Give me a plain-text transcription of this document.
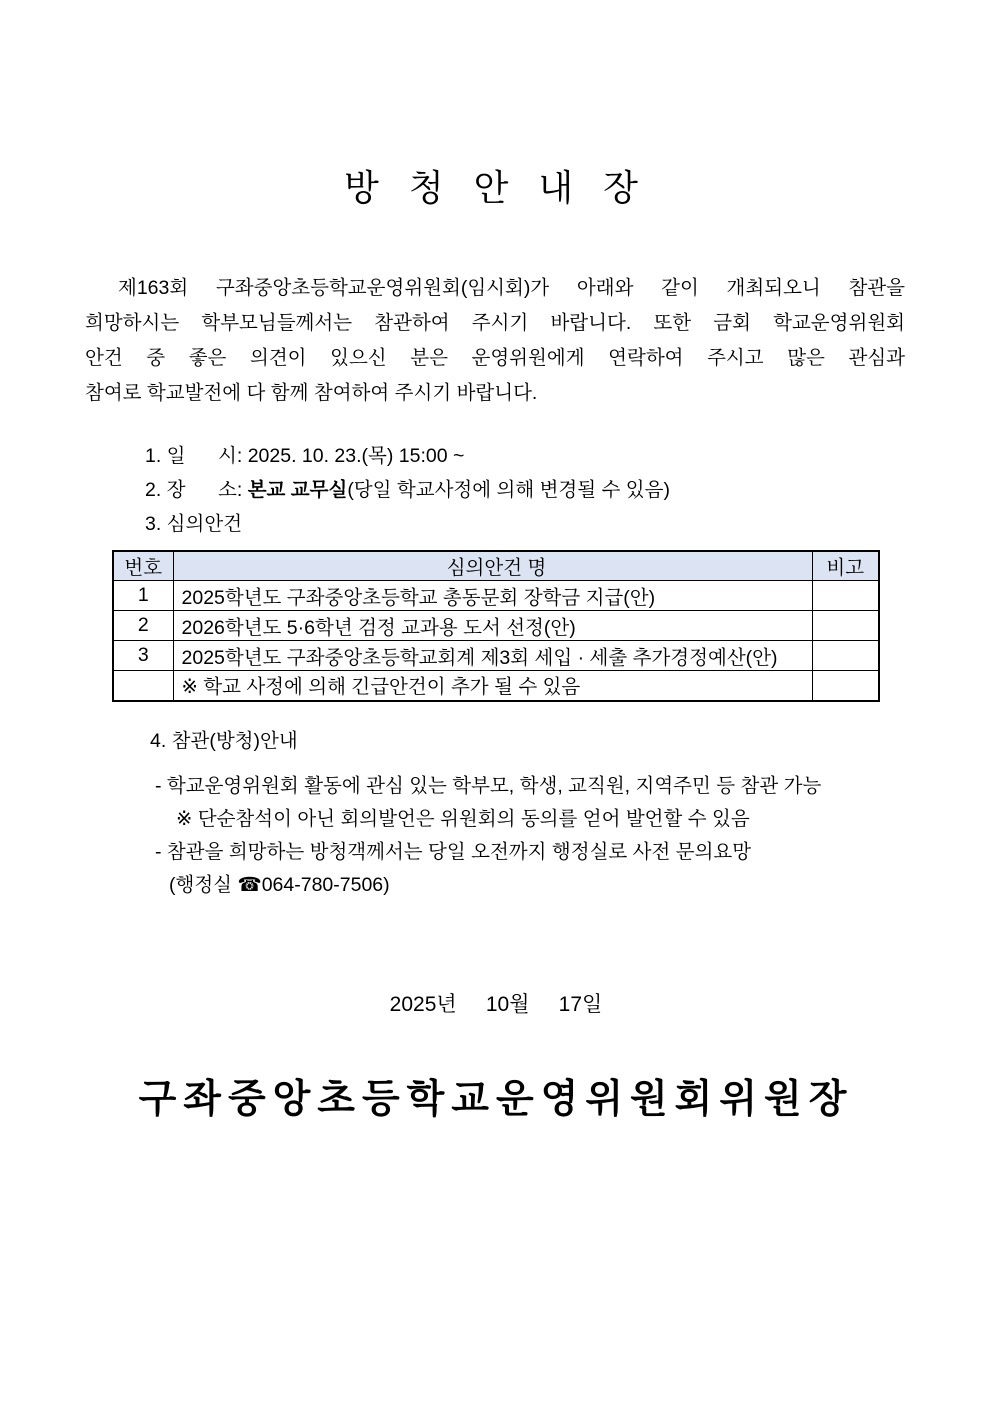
방 청 안 내 장
제163회 구좌중앙초등학교운영위원회(임시회)가 아래와 같이 개최되오니 참관을
희망하시는 학부모님들께서는 참관하여 주시기 바랍니다. 또한 금회 학교운영위원회
안건 중 좋은 의견이 있으신 분은 운영위원에게 연락하여 주시고 많은 관심과
참여로 학교발전에 다 함께 참여하여 주시기 바랍니다.
1. 일      시: 2025. 10. 23.(목) 15:00 ~
2. 장      소: 본교 교무실(당일 학교사정에 의해 변경될 수 있음)
3. 심의안건
번호	심의안건 명	비고
1	2025학년도 구좌중앙초등학교 총동문회 장학금 지급(안)	
2	2026학년도 5·6학년 검정 교과용 도서 선정(안)	
3	2025학년도 구좌중앙초등학교회계 제3회 세입 · 세출 추가경정예산(안)	
	※ 학교 사정에 의해 긴급안건이 추가 될 수 있음	
4. 참관(방청)안내
- 학교운영위원회 활동에 관심 있는 학부모, 학생, 교직원, 지역주민 등 참관 가능
※ 단순참석이 아닌 회의발언은 위원회의 동의를 얻어 발언할 수 있음
- 참관을 희망하는 방청객께서는 당일 오전까지 행정실로 사전 문의요망
(행정실 ☎064-780-7506)
2025년     10월     17일
구좌중앙초등학교운영위원회위원장
